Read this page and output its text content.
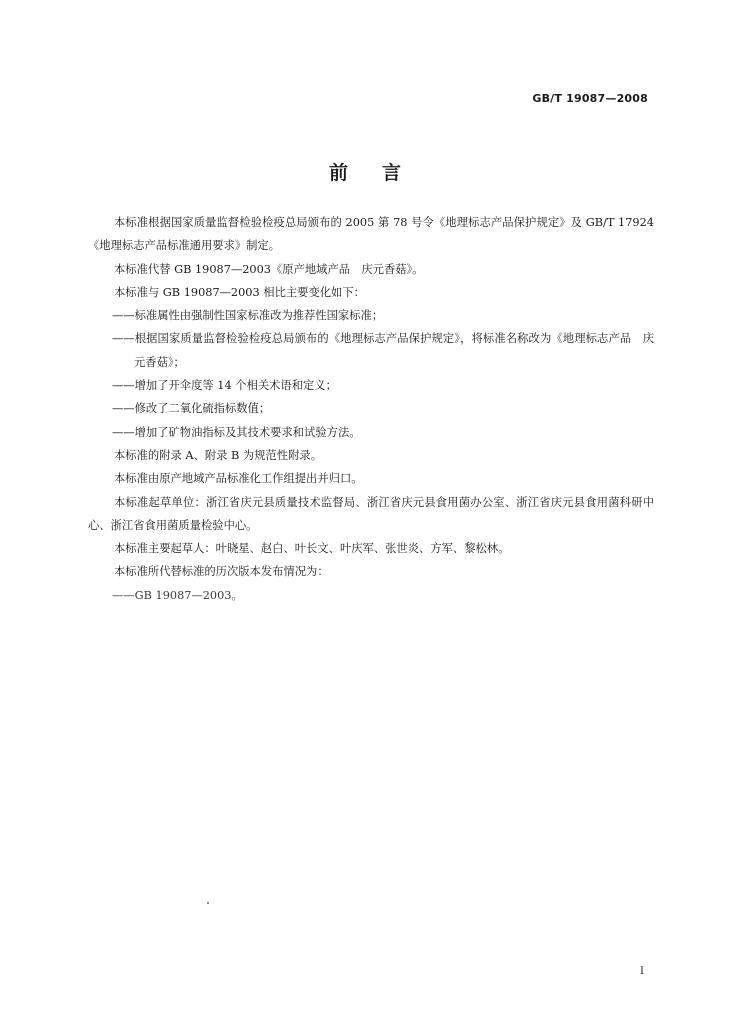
GB/T 19087—2008
前言

本标准根据国家质量监督检验检疫总局颁布的 2005 第 78 号令《地理标志产品保护规定》及 GB/T 17924《地理标志产品标准通用要求》制定。

本标准代替 GB 19087—2003《原产地域产品　庆元香菇》。

本标准与 GB 19087—2003 相比主要变化如下：

——标准属性由强制性国家标准改为推荐性国家标准；

——根据国家质量监督检验检疫总局颁布的《地理标志产品保护规定》，将标准名称改为《地理标志产品　庆元香菇》；

——增加了开伞度等 14 个相关术语和定义；

——修改了二氧化硫指标数值；

——增加了矿物油指标及其技术要求和试验方法。

本标准的附录 A、附录 B 为规范性附录。

本标准由原产地域产品标准化工作组提出并归口。

本标准起草单位：浙江省庆元县质量技术监督局、浙江省庆元县食用菌办公室、浙江省庆元县食用菌科研中心、浙江省食用菌质量检验中心。

本标准主要起草人：叶晓星、赵白、叶长文、叶庆军、张世炎、方军、黎松林。

本标准所代替标准的历次版本发布情况为：

——GB 19087—2003。

I
